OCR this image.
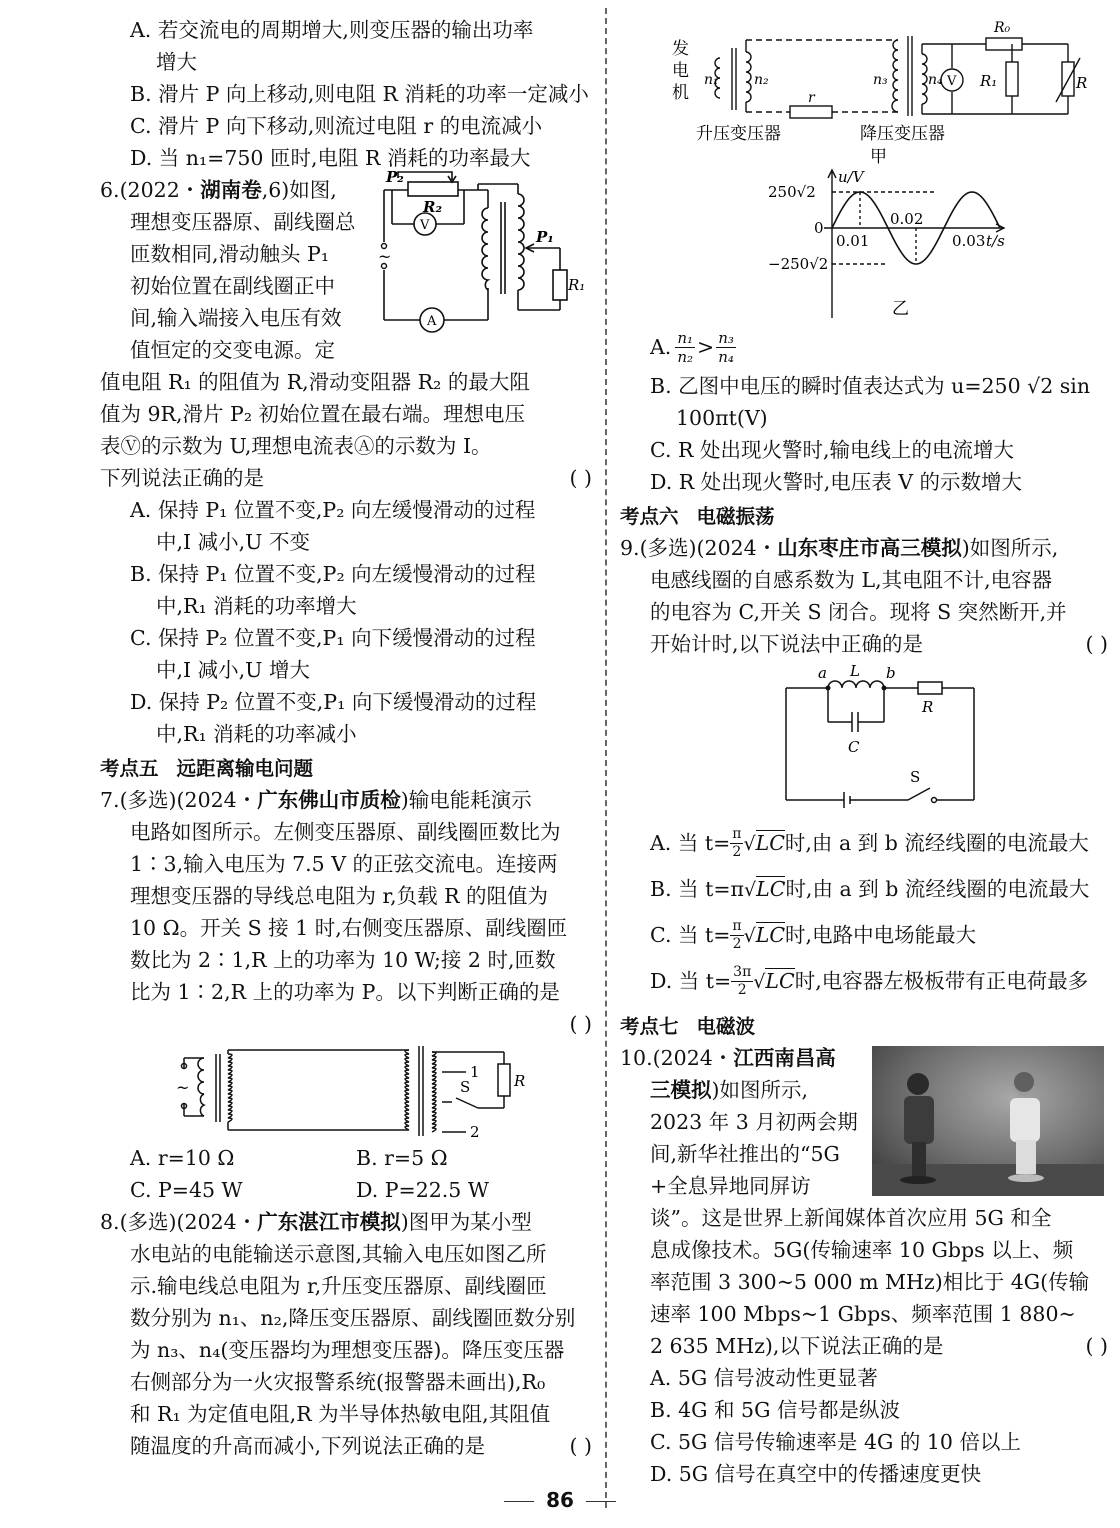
A. 若交流电的周期增大,则变压器的输出功率
增大
B. 滑片 P 向上移动,则电阻 R 消耗的功率一定减小
C. 滑片 P 向下移动,则流过电阻 r 的电流减小
D. 当 n₁=750 匝时,电阻 R 消耗的功率最大
6.(2022・湖南卷,6)如图,
理想变压器原、副线圈总
匝数相同,滑动触头 P₁
初始位置在副线圈正中
间,输入端接入电压有效
值恒定的交变电源。定
~
P₂
R₂
V
A
P₁
R₁
值电阻 R₁ 的阻值为 R,滑动变阻器 R₂ 的最大阻
值为 9R,滑片 P₂ 初始位置在最右端。理想电压
表Ⓥ的示数为 U,理想电流表Ⓐ的示数为 I。
下列说法正确的是	( )
A. 保持 P₁ 位置不变,P₂ 向左缓慢滑动的过程
中,I 减小,U 不变
B. 保持 P₁ 位置不变,P₂ 向左缓慢滑动的过程
中,R₁ 消耗的功率增大
C. 保持 P₂ 位置不变,P₁ 向下缓慢滑动的过程
中,I 减小,U 增大
D. 保持 P₂ 位置不变,P₁ 向下缓慢滑动的过程
中,R₁ 消耗的功率减小
考点五 远距离输电问题
7.(多选)(2024・广东佛山市质检)输电能耗演示
电路如图所示。左侧变压器原、副线圈匝数比为
1∶3,输入电压为 7.5 V 的正弦交流电。连接两
理想变压器的导线总电阻为 r,负载 R 的阻值为
10 Ω。开关 S 接 1 时,右侧变压器原、副线圈匝
数比为 2∶1,R 上的功率为 10 W;接 2 时,匝数
比为 1∶2,R 上的功率为 P。以下判断正确的是
( )

~
1
2
S	R
A. r=10 Ω	B. r=5 Ω
C. P=45 W	D. P=22.5 W
8.(多选)(2024・广东湛江市模拟)图甲为某小型
水电站的电能输送示意图,其输入电压如图乙所
示.输电线总电阻为 r,升压变压器原、副线圈匝
数分别为 n₁、n₂,降压变压器原、副线圈匝数分别
为 n₃、n₄(变压器均为理想变压器)。降压变压器
右侧部分为一火灾报警系统(报警器未画出),R₀
和 R₁ 为定值电阻,R 为半导体热敏电阻,其阻值
随温度的升高而减小,下列说法正确的是	( )
发
电
机
n₁	n₂	n₃	n₄
r
R₀
R₁	R
V
升压变压器	降压变压器
甲
u/V
250√2
0
−250√2
0.01
0.02
0.03 t/s
乙
A. n₁
n₂ > n₃
n₄
B. 乙图中电压的瞬时值表达式为 u=250 √2 sin
100πt(V)
C. R 处出现火警时,输电线上的电流增大
D. R 处出现火警时,电压表 V 的示数增大
考点六 电磁振荡
9.(多选)(2024・山东枣庄市高三模拟)如图所示,
电感线圈的自感系数为 L,其电阻不计,电容器
的电容为 C,开关 S 闭合。现将 S 突然断开,并
开始计时,以下说法中正确的是	( )
a	b
L
C
R
S
A. 当 $t= \frac{\pi}{2} √LC$ 时,由 a 到 b 流经线圈的电流最大
B. 当 t=π √LC 时,由 a 到 b 流经线圈的电流最大
C. 当 $t= \frac{\pi}{2} √LC$ 时,电路中电场能最大
D. 当 $t= \frac{3\pi}{2} √LC$ 时,电容器左极板带有正电荷最多
考点七 电磁波
10.(2024・江西南昌高
三模拟)如图所示,
2023 年 3 月初两会期
间,新华社推出的“5G
+全息异地同屏访
谈”。这是世界上新闻媒体首次应用 5G 和全
息成像技术。5G(传输速率 10 Gbps 以上、频
率范围 3 300~5 000 m MHz)相比于 4G(传输
速率 100 Mbps~1 Gbps、频率范围 1 880~
2 635 MHz),以下说法正确的是	( )
A. 5G 信号波动性更显著
B. 4G 和 5G 信号都是纵波
C. 5G 信号传输速率是 4G 的 10 倍以上
D. 5G 信号在真空中的传播速度更快
86
